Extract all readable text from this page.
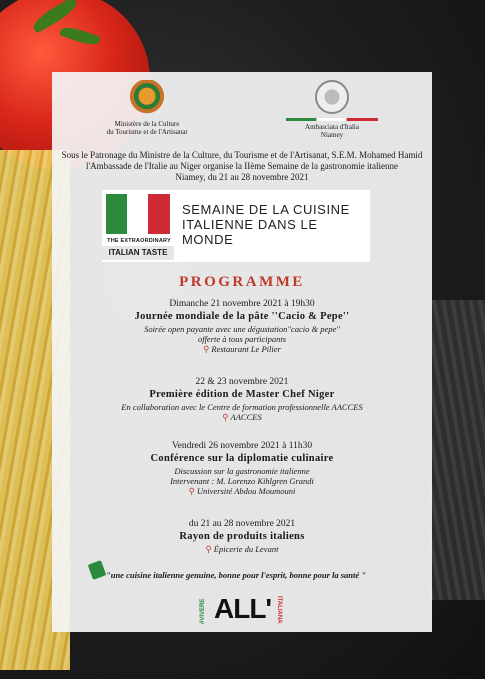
Ministère de la Culture
du Tourisme et de l'Artisanat
Ambasciata d'Italia
Niamey
Sous le Patronage du Ministre de la Culture, du Tourisme et de l'Artisanat, S.E.M. Mohamed Hamid
l'Ambassade de l'Italie au Niger organise la IIème Semaine de la gastronomie italienne
Niamey, du 21 au 28 novembre 2021
THE EXTRAORDINARY
ITALIAN TASTE
SEMAINE DE LA CUISINE
ITALIENNE DANS LE MONDE
PROGRAMME
Dimanche 21 novembre 2021 à 19h30
Journée mondiale de la pâte ''Cacio & Pepe''
Soirée open payante avec une dégustation''cacio & pepe''
offerte à tous participants
⚲ Restaurant Le Pilier
22 & 23 novembre 2021
Première édition de Master Chef Niger
En collaboration avec le Centre de formation professionnelle AACCES
⚲ AACCES
Vendredi 26 novembre 2021 à 11h30
Conférence sur la diplomatie culinaire
Discussion sur la gastronomie italienne
Intervenant : M. Lorenzo Kihlgren Grandi
⚲ Université Abdou Moumouni
du 21 au 28 novembre 2021
Rayon de produits italiens
⚲ Épicerie du Levant
"une cuisine italienne genuine, bonne pour l'esprit, bonne pour la santé "
#VIVERE ALL' ITALIANA
